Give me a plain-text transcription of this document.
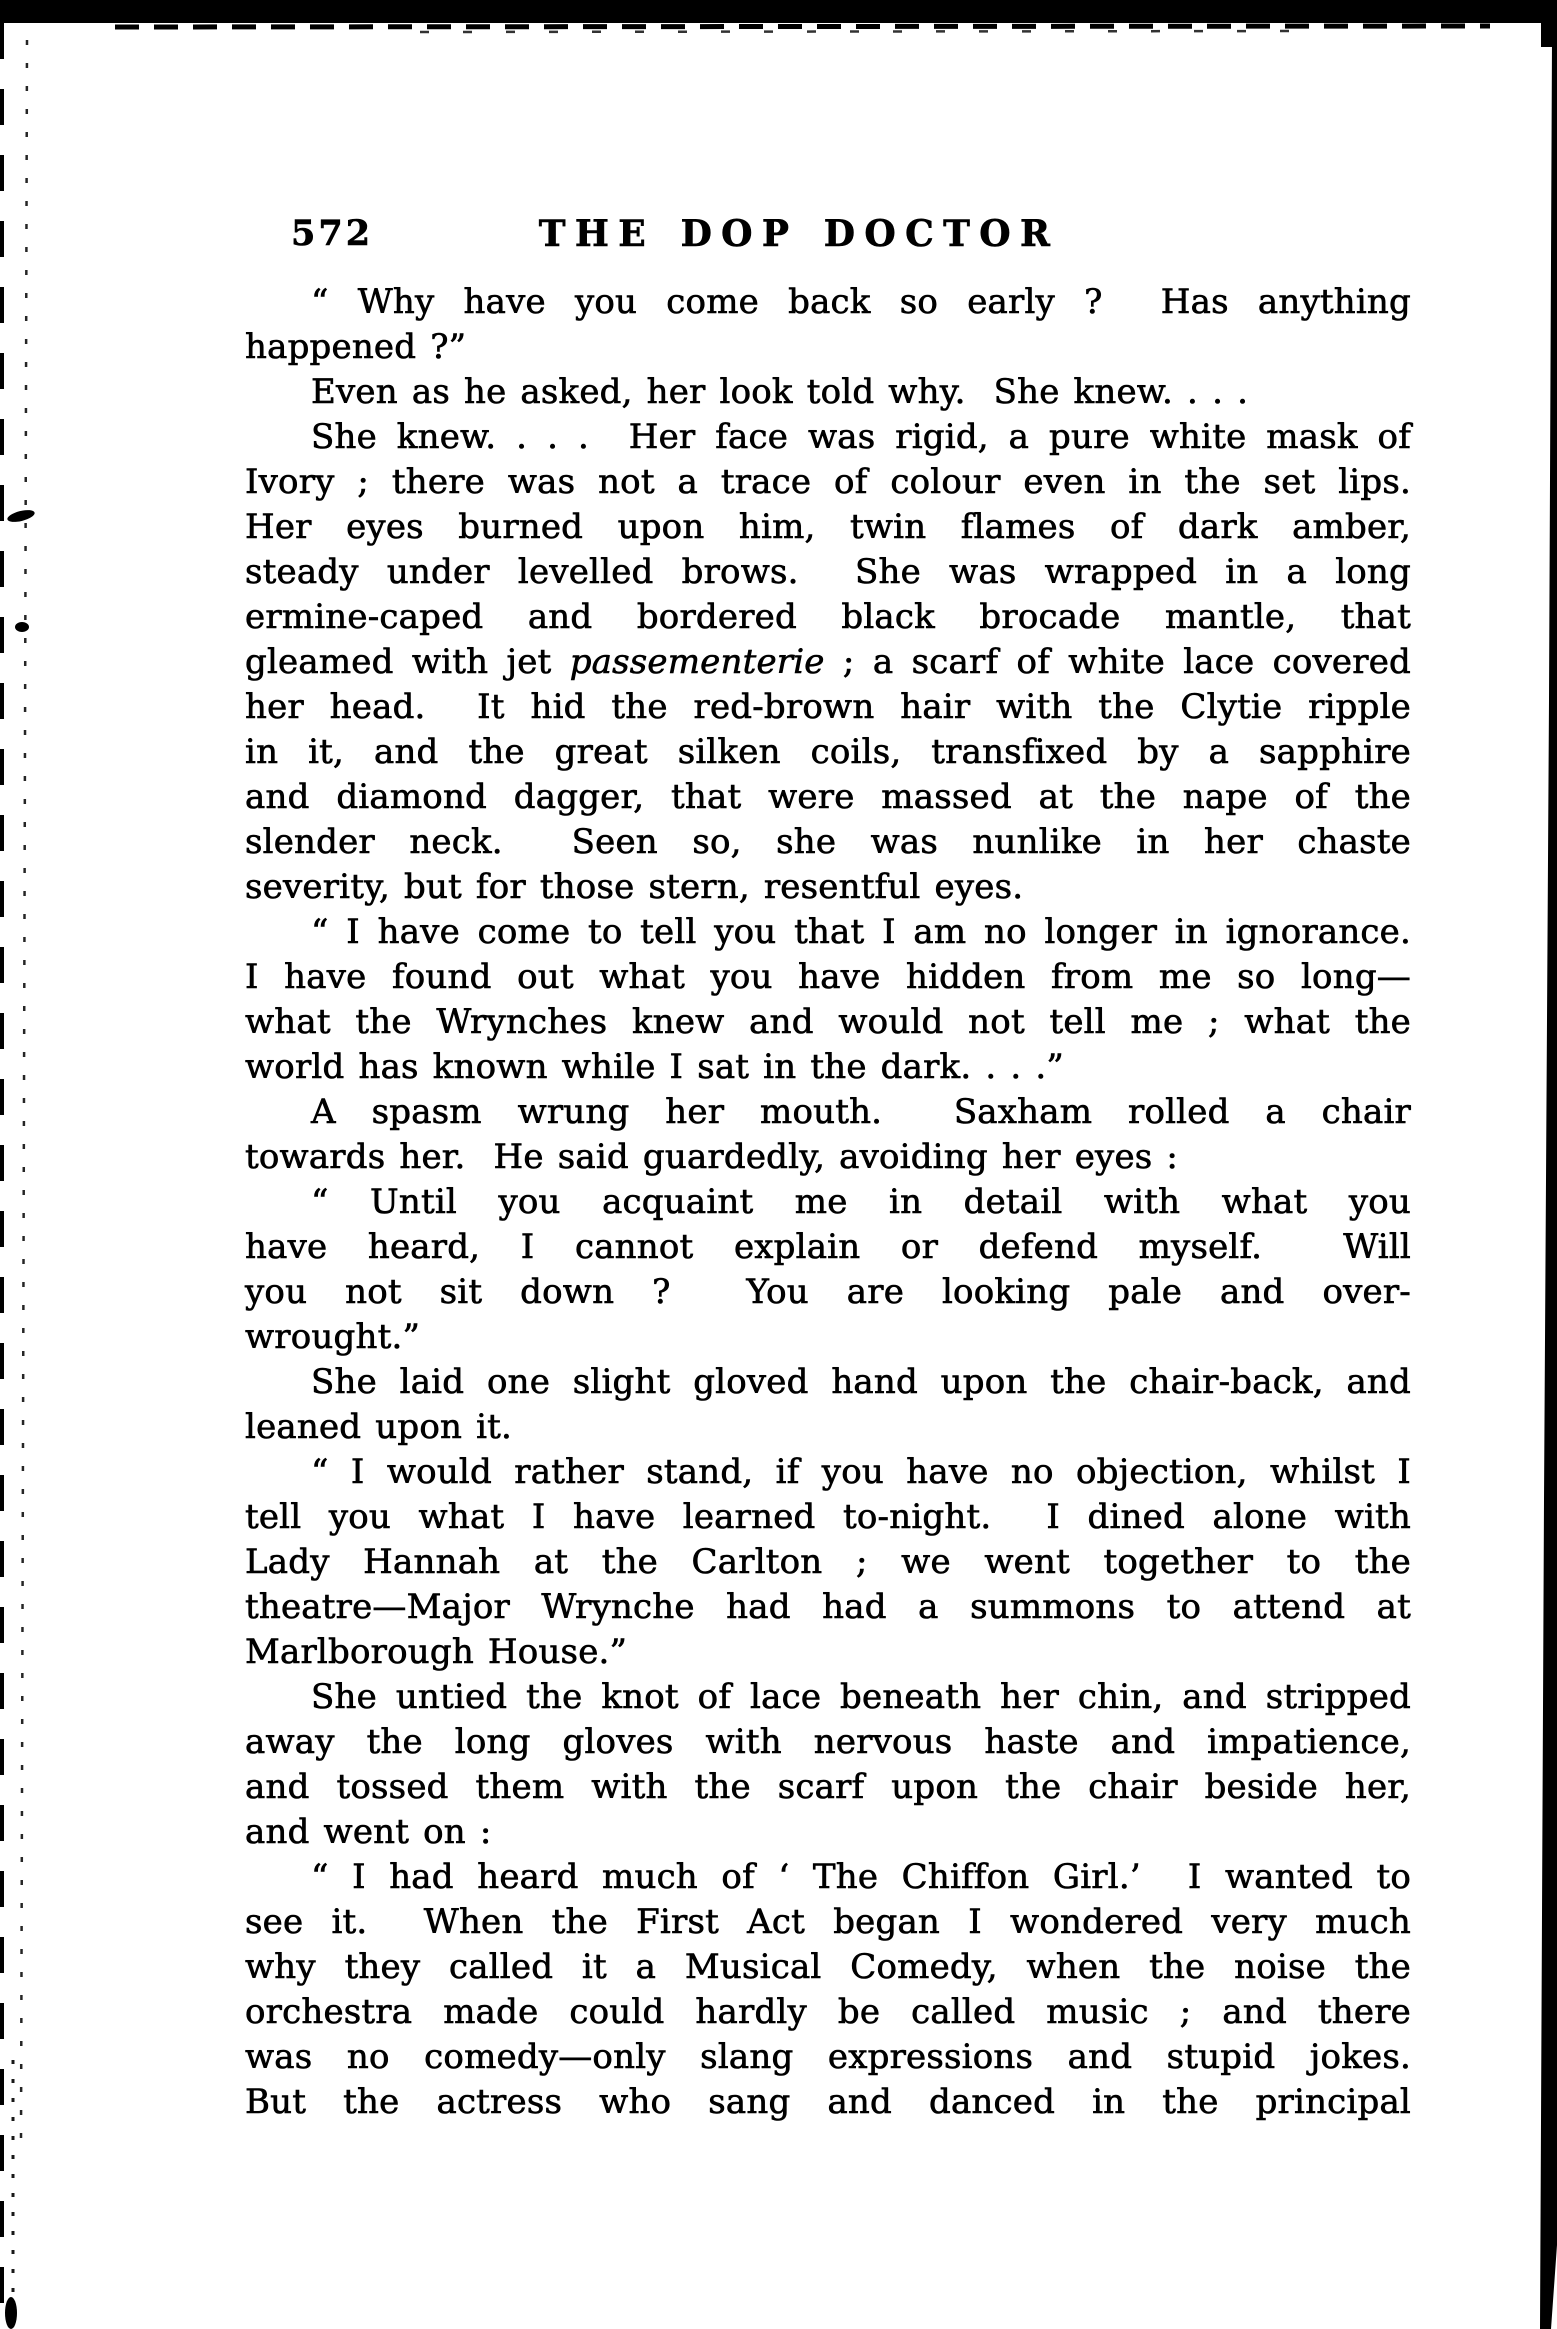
572	THE DOP DOCTOR
“ Why have you come back so early ?  Has anything
happened ?”
Even as he asked, her look told why.  She knew. . . .
She knew. . . .  Her face was rigid, a pure white mask of
Ivory ; there was not a trace of colour even in the set lips.
Her eyes burned upon him, twin flames of dark amber,
steady under levelled brows.  She was wrapped in a long
ermine-caped and bordered black brocade mantle, that
gleamed with jet passementerie ; a scarf of white lace covered
her head.  It hid the red-brown hair with the Clytie ripple
in it, and the great silken coils, transfixed by a sapphire
and diamond dagger, that were massed at the nape of the
slender neck.  Seen so, she was nunlike in her chaste
severity, but for those stern, resentful eyes.
“ I have come to tell you that I am no longer in ignorance.
I have found out what you have hidden from me so long—
what the Wrynches knew and would not tell me ; what the
world has known while I sat in the dark. . . .”
A spasm wrung her mouth.  Saxham rolled a chair
towards her.  He said guardedly, avoiding her eyes :
“ Until you acquaint me in detail with what you
have heard, I cannot explain or defend myself.  Will
you not sit down ?  You are looking pale and over-
wrought.”
She laid one slight gloved hand upon the chair-back, and
leaned upon it.
“ I would rather stand, if you have no objection, whilst I
tell you what I have learned to-night.  I dined alone with
Lady Hannah at the Carlton ; we went together to the
theatre—Major Wrynche had had a summons to attend at
Marlborough House.”
She untied the knot of lace beneath her chin, and stripped
away the long gloves with nervous haste and impatience,
and tossed them with the scarf upon the chair beside her,
and went on :
“ I had heard much of ‘ The Chiffon Girl.’  I wanted to
see it.  When the First Act began I wondered very much
why they called it a Musical Comedy, when the noise the
orchestra made could hardly be called music ; and there
was no comedy—only slang expressions and stupid jokes.
But the actress who sang and danced in the principal
